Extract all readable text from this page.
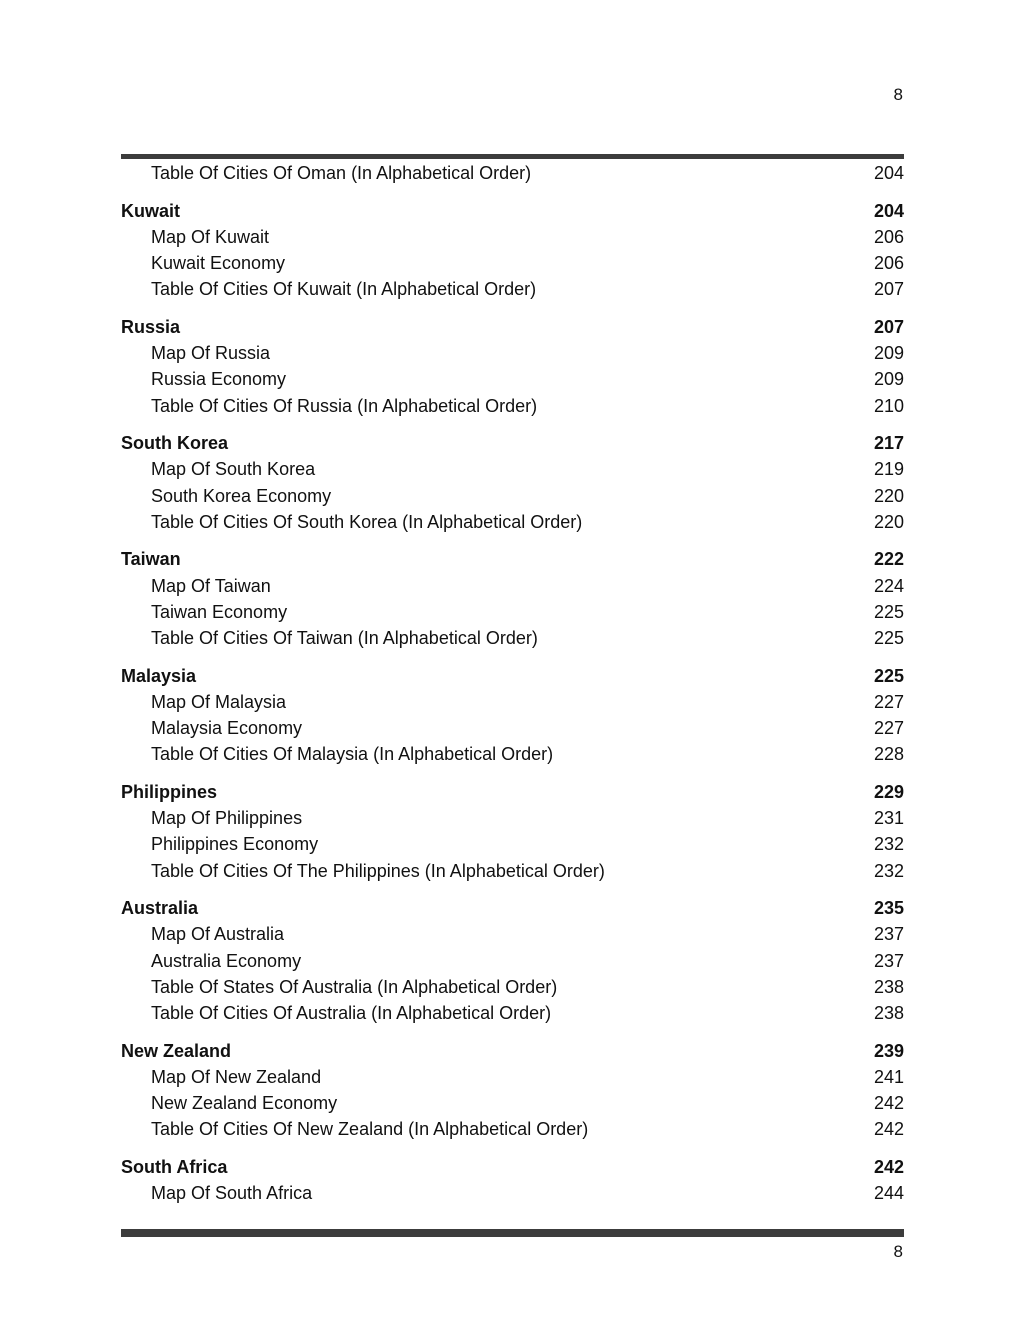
8
Table Of Cities Of Oman (In Alphabetical Order)	204
Kuwait	204
Map Of Kuwait	206
Kuwait Economy	206
Table Of Cities Of Kuwait (In Alphabetical Order)	207
Russia	207
Map Of Russia	209
Russia Economy	209
Table Of Cities Of Russia (In Alphabetical Order)	210
South Korea	217
Map Of South Korea	219
South Korea Economy	220
Table Of Cities Of South Korea (In Alphabetical Order)	220
Taiwan	222
Map Of Taiwan	224
Taiwan Economy	225
Table Of Cities Of Taiwan (In Alphabetical Order)	225
Malaysia	225
Map Of Malaysia	227
Malaysia Economy	227
Table Of Cities Of Malaysia (In Alphabetical Order)	228
Philippines	229
Map Of Philippines	231
Philippines Economy	232
Table Of Cities Of The Philippines (In Alphabetical Order)	232
Australia	235
Map Of Australia	237
Australia Economy	237
Table Of States Of Australia (In Alphabetical Order)	238
Table Of Cities Of Australia (In Alphabetical Order)	238
New Zealand	239
Map Of New Zealand	241
New Zealand Economy	242
Table Of Cities Of New Zealand (In Alphabetical Order)	242
South Africa	242
Map Of South Africa	244
8
